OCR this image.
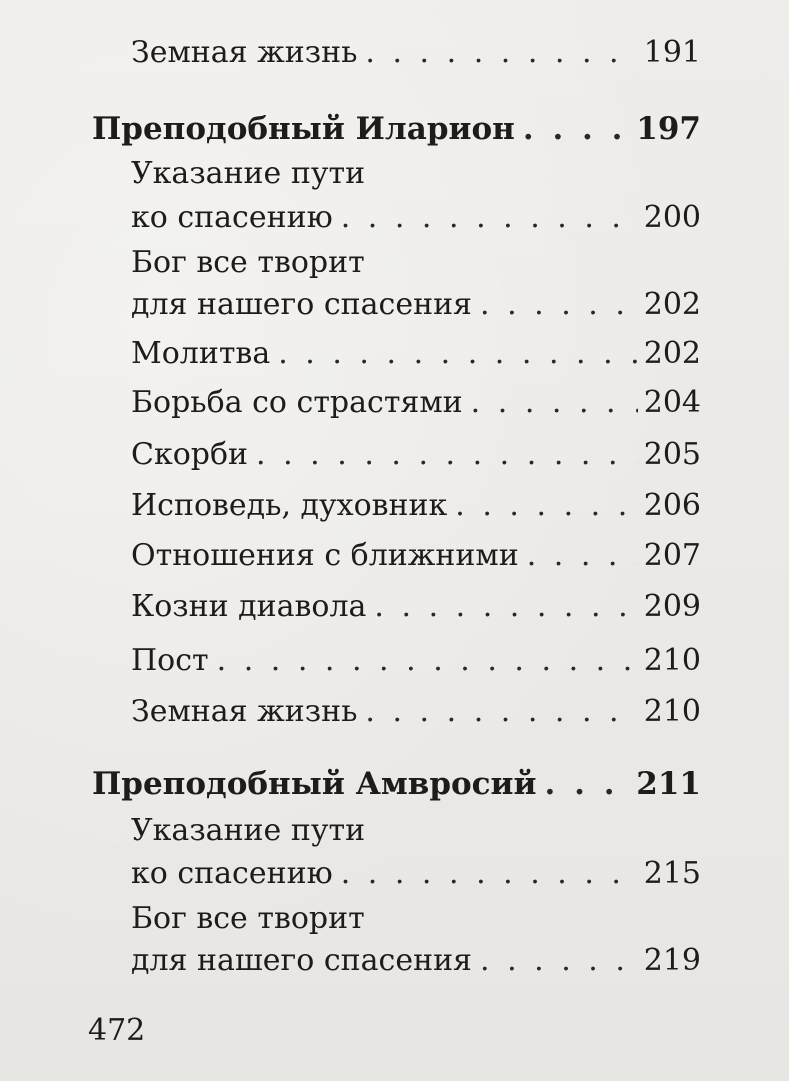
Земная жизнь . . .	191
Преподобный Иларион . . .	197
Указание пути
ко спасению . . .	200
Бог все творит
для нашего спасения . . .	202
Молитва . . .	202
Борьба со страстями . . .	204
Скорби . . .	205
Исповедь, духовник . . .	206
Отношения с ближними . . .	207
Козни диавола . . .	209
Пост . . .	210
Земная жизнь . . .	210
Преподобный Амвросий . . .	211
Указание пути
ко спасению . . .	215
Бог все творит
для нашего спасения . . .	219
472
